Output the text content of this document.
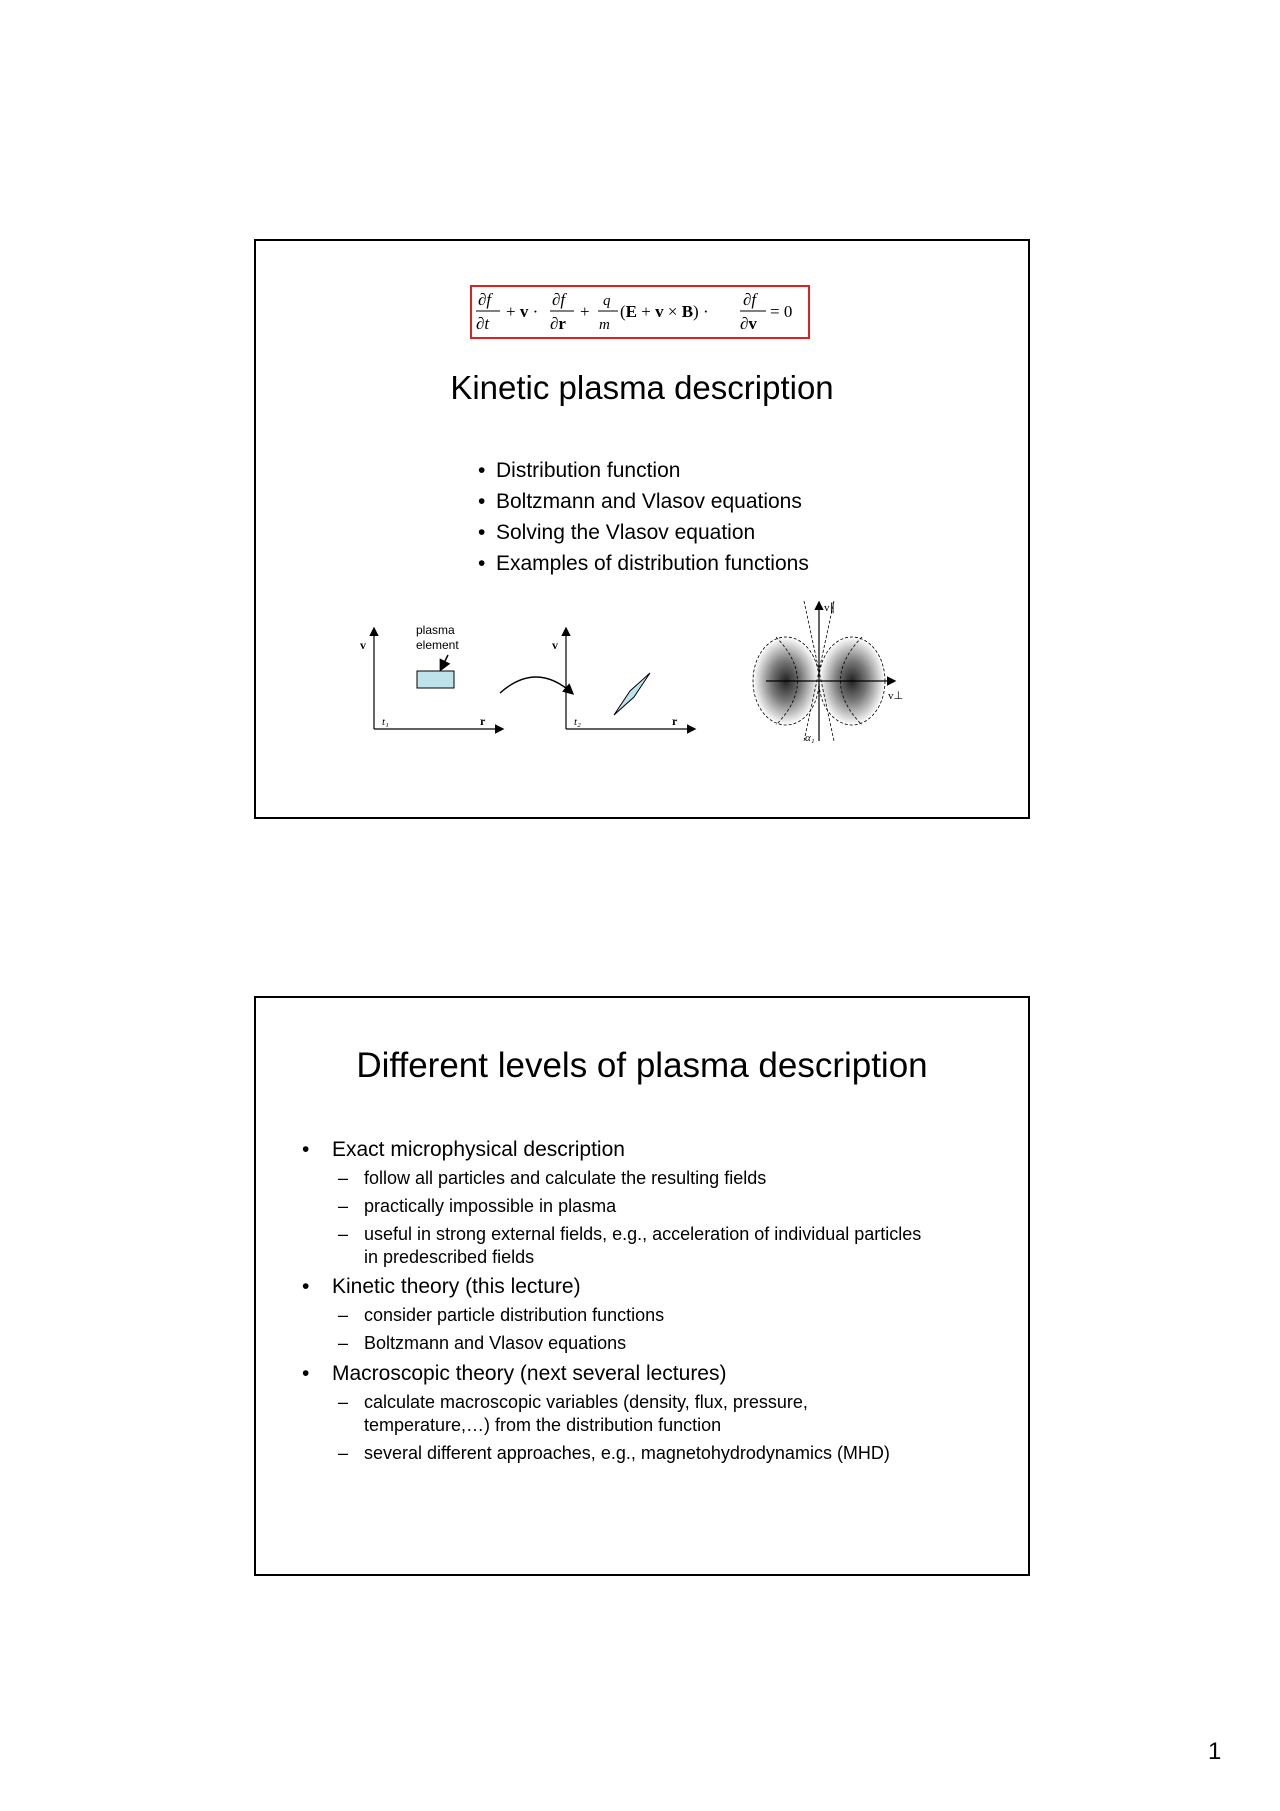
∂f
∂t
+ v ·
∂f
∂r
+
q
m
(E + v × B) ·
∂f
∂v
= 0
Kinetic plasma description
• Distribution function
• Boltzmann and Vlasov equations
• Solving the Vlasov equation
• Examples of distribution functions
v
r
t₁
plasma
element	v
r
t₂
v∥
v⊥
α₁
Different levels of plasma description

• Exact microphysical description

– follow all particles and calculate the resulting fields

– practically impossible in plasma

– useful in strong external fields, e.g., acceleration of individual particles
in predescribed fields

• Kinetic theory (this lecture)

– consider particle distribution functions

– Boltzmann and Vlasov equations

• Macroscopic theory (next several lectures)

– calculate macroscopic variables (density, flux, pressure,
temperature,…) from the distribution function

– several different approaches, e.g., magnetohydrodynamics (MHD)

1
